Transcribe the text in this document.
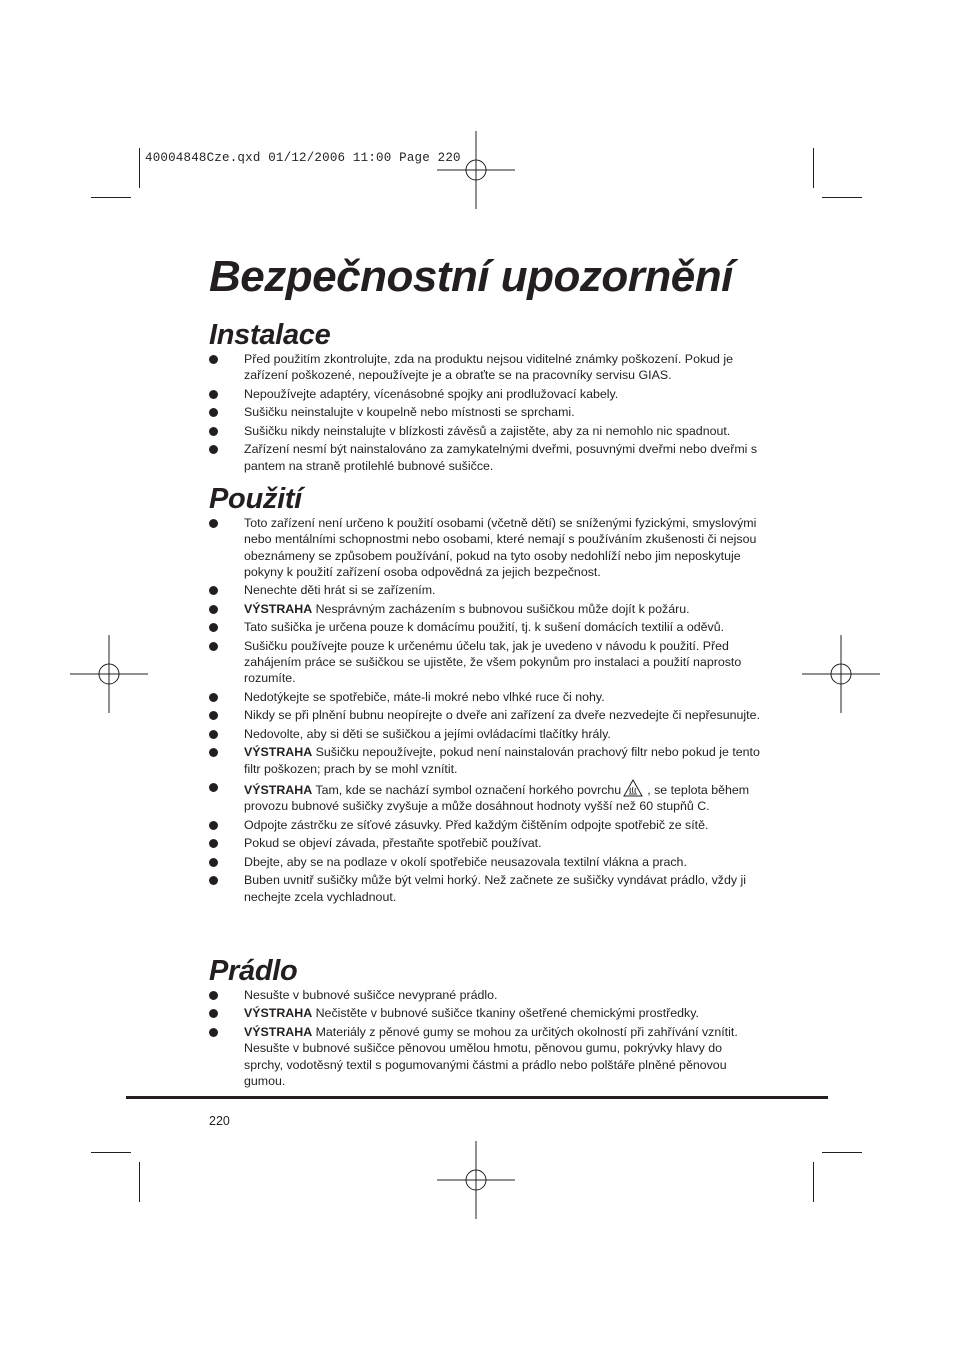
40004848Cze.qxd 01/12/2006 11:00 Page 220
Bezpečnostní upozornění
Instalace
Před použitím zkontrolujte, zda na produktu nejsou viditelné známky poškození. Pokud je zařízení poškozené, nepoužívejte je a obraťte se na pracovníky servisu GIAS.
Nepoužívejte adaptéry, vícenásobné spojky ani prodlužovací kabely.
Sušičku neinstalujte v koupelně nebo místnosti se sprchami.
Sušičku nikdy neinstalujte v blízkosti závěsů a zajistěte, aby za ni nemohlo nic spadnout.
Zařízení nesmí být nainstalováno za zamykatelnými dveřmi, posuvnými dveřmi nebo dveřmi s pantem na straně protilehlé bubnové sušičce.
Použití
Toto zařízení není určeno k použití osobami (včetně dětí) se sníženými fyzickými, smyslovými nebo mentálními schopnostmi nebo osobami, které nemají s používáním zkušenosti či nejsou obeznámeny se způsobem používání, pokud na tyto osoby nedohlíží nebo jim neposkytuje pokyny k použití zařízení osoba odpovědná za jejich bezpečnost.
Nenechte děti hrát si se zařízením.
VÝSTRAHA Nesprávným zacházením s bubnovou sušičkou může dojít k požáru.
Tato sušička je určena pouze k domácímu použití, tj. k sušení domácích textilií a oděvů.
Sušičku používejte pouze k určenému účelu tak, jak je uvedeno v návodu k použití. Před zahájením práce se sušičkou se ujistěte, že všem pokynům pro instalaci a použití naprosto rozumíte.
Nedotýkejte se spotřebiče, máte-li mokré nebo vlhké ruce či nohy.
Nikdy se při plnění bubnu neopírejte o dveře ani zařízení za dveře nezvedejte či nepřesunujte.
Nedovolte, aby si děti se sušičkou a jejími ovládacími tlačítky hrály.
VÝSTRAHA Sušičku nepoužívejte, pokud není nainstalován prachový filtr nebo pokud je tento filtr poškozen; prach by se mohl vznítit.
VÝSTRAHA Tam, kde se nachází symbol označení horkého povrchu , se teplota během provozu bubnové sušičky zvyšuje a může dosáhnout hodnoty vyšší než 60 stupňů C.
Odpojte zástrčku ze síťové zásuvky. Před každým čištěním odpojte spotřebič ze sítě.
Pokud se objeví závada, přestaňte spotřebič používat.
Dbejte, aby se na podlaze v okolí spotřebiče neusazovala textilní vlákna a prach.
Buben uvnitř sušičky může být velmi horký. Než začnete ze sušičky vyndávat prádlo, vždy ji nechejte zcela vychladnout.
Prádlo
Nesušte v bubnové sušičce nevyprané prádlo.
VÝSTRAHA Nečistěte v bubnové sušičce tkaniny ošetřené chemickými prostředky.
VÝSTRAHA Materiály z pěnové gumy se mohou za určitých okolností při zahřívání vznítit. Nesušte v bubnové sušičce pěnovou umělou hmotu, pěnovou gumu, pokrývky hlavy do sprchy, vodotěsný textil s pogumovanými částmi a prádlo nebo polštáře plněné pěnovou gumou.
220
